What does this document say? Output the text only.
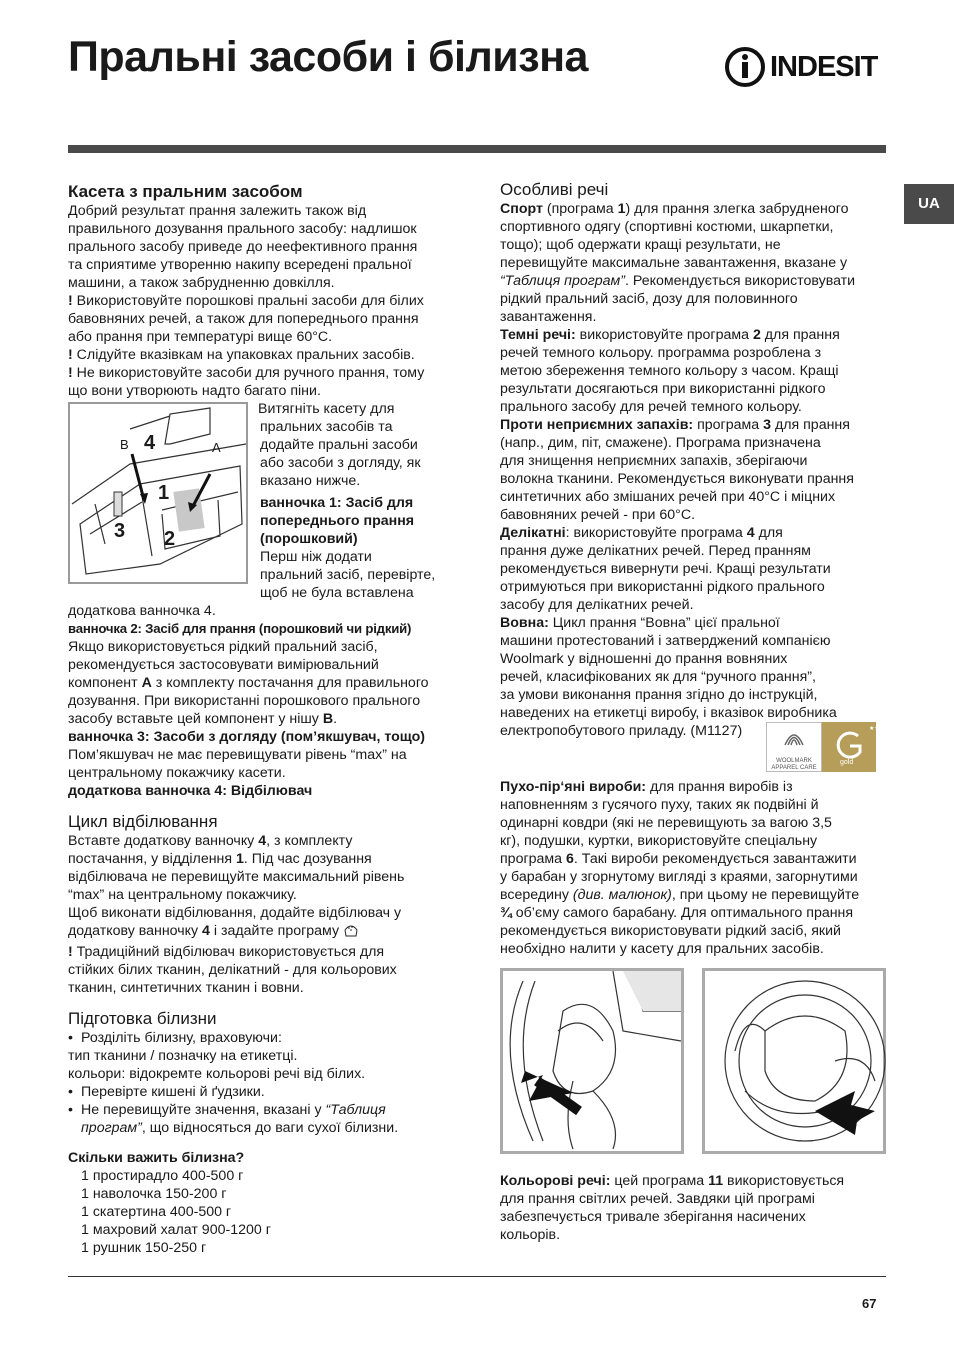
Пральні засоби і білизна	INDESIT
UA

Касета з пральним засобом

Добрий результат прання залежить також від

правильного дозування прального засобу: надлишок

прального засобу приведе до неефективного прання

та сприятиме утворенню накипу всередені пральної

машини, а також забрудненню довкілля.

! Використовуйте порошкові пральні засоби для білих

бавовняних речей, а також для попереднього прання

або прання при температурі вище 60°C.

! Слідуйте вказівкам на упаковках пральних засобів.

! Не використовуйте засоби для ручного прання, тому

що вони утворюють надто багато піни.

B 4	A
1
3 2

Витягніть касету для

пральних засобів та

додайте пральні засоби

або засоби з догляду, як

вказано нижче.

ванночка 1: Засіб для

попереднього прання

(порошковий)

Перш ніж додати

пральний засіб, перевірте,

щоб не була вставлена

додаткова ванночка 4.

ванночка 2: Засіб для прання (порошковий чи рідкий)

Якщо використовується рідкий пральний засіб,

рекомендується застосовувати вимірювальний

компонент A з комплекту постачання для правильного

дозування. При використанні порошкового прального

засобу вставьте цей компонент у нішу B.

ванночка 3: Засоби з догляду (пом’якшувач, тощо)

Пом’якшувач не має перевищувати рівень “max” на

центральному покажчику касети.

додаткова ванночка 4: Відбілювач

Цикл відбілювання

Вставте додаткову ванночку 4, з комплекту

постачання, у відділення 1. Під час дозування

відбілювача не перевищуйте максимальний рівень

“max” на центральному покажчику.

Щоб виконати відбілювання, додайте відбілювач у

додаткову ванночку 4 і задайте програму

! Традиційний відбілювач використовується для

стійких білих тканин, делікатний - для кольорових

тканин, синтетичних тканин і вовни.

Підготовка білизни

• Розділіть білизну, враховуючи:

тип тканини / позначку на етикетці.

кольори: відокремте кольорові речі від білих.

• Перевірте кишені й ґудзики.

• Не перевищуйте значення, вказані у “Таблиця

програм”, що відносяться до ваги сухої білизни.

Скільки важить білизна?

1 простирадло 400-500 г

1 наволочка 150-200 г

1 скатертина 400-500 г

1 махровий халат 900-1200 г

1 рушник 150-250 г

Особливі речі

Спорт (програма 1) для прання злегка забрудненого

спортивного одягу (спортивні костюми, шкарпетки,

тощо); щоб одержати кращі результати, не

перевищуйте максимальне завантаження, вказане у

“Таблиця програм”. Рекомендується використовувати

рідкий пральний засіб, дозу для половинного

завантаження.

Темні речі: використовуйте програма 2 для прання

речей темного кольору. программа розроблена з

метою збереження темного кольору з часом. Кращі

результати досягаються при використанні рідкого

прального засобу для речей темного кольору.

Проти неприємних запахів: програма 3 для прання

(напр., дим, піт, смажене). Програма призначена

для знищення неприємних запахів, зберігаючи

волокна тканини. Рекомендується виконувати прання

синтетичних або змішаних речей при 40°C і міцних

бавовняних речей - при 60°C.

Делікатні: використовуйте програма 4 для

прання дуже делікатних речей. Перед пранням

рекомендується вивернути речі. Кращі результати

отримуються при використанні рідкого прального

засобу для делікатних речей.

Вовна: Цикл прання “Вовна” цієї пральної

машини протестований і затверджений компанією

Woolmark у відношенні до прання вовняних

речей, класифікованих як для “ручного прання”,

за умови виконання прання згідно до інструкцій,

наведених на етикетці виробу, і вказівок виробника

електропобутового приладу. (M1127)

WOOLMARK
APPAREL CARE
★★★
gold

Пухо-пір‘яні вироби: для прання виробів із

наповненням з гусячого пуху, таких як подвійні й

одинарні ковдри (які не перевищують за вагою 3,5

кг), подушки, куртки, використовуйте спеціальну

програма 6. Такі вироби рекомендується завантажити

у барабан у згорнутому вигляді з краями, загорнутими

всередину (див. малюнок), при цьому не перевищуйте

¾ об’єму самого барабану. Для оптимального прання

рекомендується використовувати рідкий засіб, який

необхідно налити у касету для пральних засобів.

Кольорові речі: цей програма 11 використовується

для прання світлих речей. Завдяки цій програмі

забезпечується тривале зберігання насичених

кольорів.

67
